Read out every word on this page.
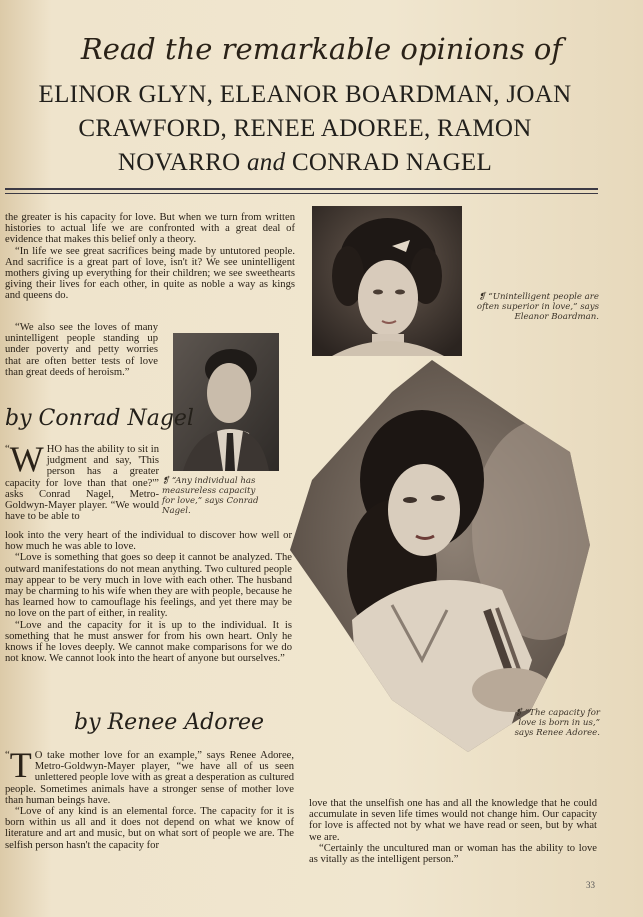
Read the remarkable opinions of
ELINOR GLYN, ELEANOR BOARDMAN, JOAN
CRAWFORD, RENEE ADOREE, RAMON
NOVARRO and CONRAD NAGEL

the greater is his capacity for love. But when we turn from written histories to actual life we are confronted with a great deal of evidence that makes this belief only a theory.

“In life we see great sacrifices being made by untutored people. And sacrifice is a great part of love, isn't it? We see unintelligent mothers giving up everything for their children; we see sweethearts giving their lives for each other, in quite as noble a way as kings and queens do.

“We also see the loves of many unintelligent people standing up under poverty and petty worries that are often better tests of love than great deeds of heroism.”

❡ “Unintelligent people are often superior in love,” says Eleanor Boardman.
❡ “Any individual has measureless capacity for love,” says Conrad Nagel.
by Conrad Nagel
“ W HO has the ability to sit in judgment and say, 'This person has a greater capacity for love than that one?'” asks Conrad Nagel, Metro-Goldwyn-Mayer player. “We would have to be able to

look into the very heart of the individual to discover how well or how much he was able to love.

“Love is something that goes so deep it cannot be analyzed. The outward manifestations do not mean anything. Two cultured people may appear to be very much in love with each other. The husband may be charming to his wife when they are with people, because he has learned how to camouflage his feelings, and yet there may be no love on the part of either, in reality.

“Love and the capacity for it is up to the individual. It is something that he must answer for from his own heart. Only he knows if he loves deeply. We cannot make comparisons for we do not know. We cannot look into the heart of anyone but ourselves.”

❡ “The capacity for love is born in us,” says Renee Adoree.
by Renee Adoree

“ T O take mother love for an example,” says Renee Adoree, Metro-Goldwyn-Mayer player, “we have all of us seen unlettered people love with as great a desperation as cultured people. Sometimes animals have a stronger sense of mother love than human beings have.

“Love of any kind is an elemental force. The capacity for it is born within us all and it does not depend on what we know of literature and art and music, but on what sort of people we are. The selfish person hasn't the capacity for

love that the unselfish one has and all the knowledge that he could accumulate in seven life times would not change him. Our capacity for love is affected not by what we have read or seen, but by what we are.

“Certainly the uncultured man or woman has the ability to love as vitally as the intelligent person.”

33
